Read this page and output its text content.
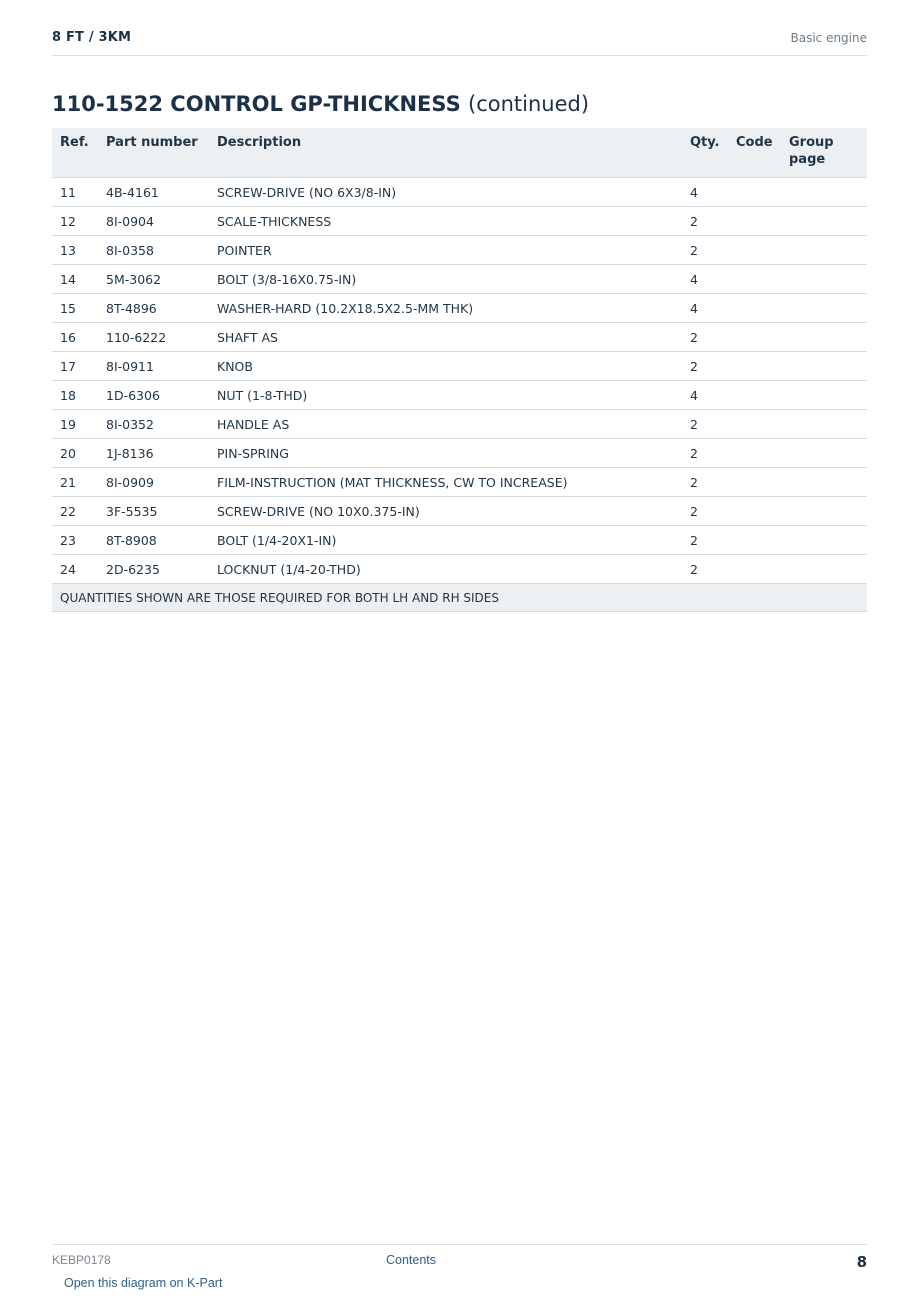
8 FT / 3KM	Basic engine
110-1522 CONTROL GP-THICKNESS (continued)
Ref.	Part number	Description	Qty.	Code	Group page
11	4B-4161	SCREW-DRIVE (NO 6X3/8-IN)	4		
12	8I-0904	SCALE-THICKNESS	2		
13	8I-0358	POINTER	2		
14	5M-3062	BOLT (3/8-16X0.75-IN)	4		
15	8T-4896	WASHER-HARD (10.2X18.5X2.5-MM THK)	4		
16	110-6222	SHAFT AS	2		
17	8I-0911	KNOB	2		
18	1D-6306	NUT (1-8-THD)	4		
19	8I-0352	HANDLE AS	2		
20	1J-8136	PIN-SPRING	2		
21	8I-0909	FILM-INSTRUCTION (MAT THICKNESS, CW TO INCREASE)	2		
22	3F-5535	SCREW-DRIVE (NO 10X0.375-IN)	2		
23	8T-8908	BOLT (1/4-20X1-IN)	2		
24	2D-6235	LOCKNUT (1/4-20-THD)	2		
QUANTITIES SHOWN ARE THOSE REQUIRED FOR BOTH LH AND RH SIDES					
KEBP0178	Contents	8
Open this diagram on K-Part
